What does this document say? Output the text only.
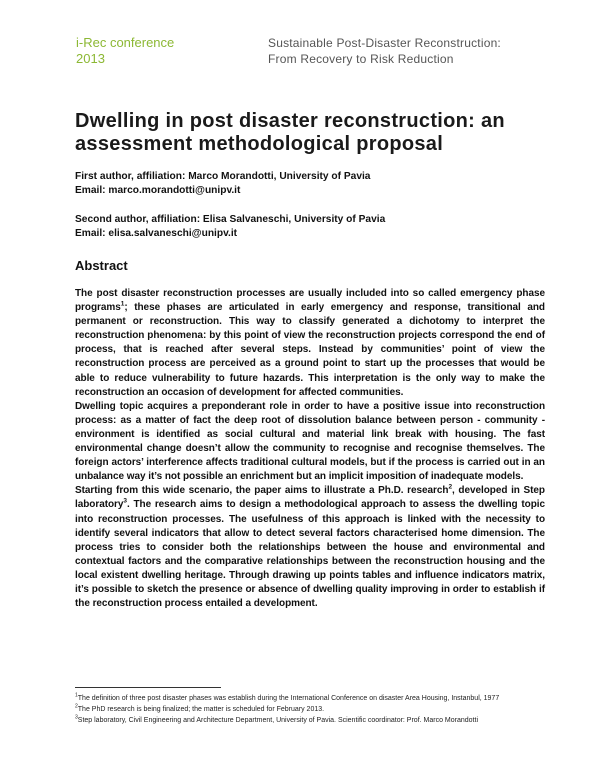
i-Rec conference
2013
Sustainable Post-Disaster Reconstruction:
From Recovery to Risk Reduction
Dwelling in post disaster reconstruction: an assessment methodological proposal
First author, affiliation: Marco Morandotti, University of Pavia
Email: marco.morandotti@unipv.it
Second author, affiliation: Elisa Salvaneschi, University of Pavia
Email: elisa.salvaneschi@unipv.it
Abstract

The post disaster reconstruction processes are usually included into so called emergency phase programs$^1$; these phases are articulated in early emergency and response, transitional and permanent or reconstruction. This way to classify generated a dichotomy to interpret the reconstruction phenomena: by this point of view the reconstruction projects correspond the end of process, that is reached after several steps. Instead by communities’ point of view the reconstruction process are perceived as a ground point to start up the processes that would be able to reduce vulnerability to future hazards. This interpretation is the only way to make the reconstruction an occasion of development for affected communities.

Dwelling topic acquires a preponderant role in order to have a positive issue into reconstruction process: as a matter of fact the deep root of dissolution balance between person - community - environment is identified as social cultural and material link break with housing. The fast environmental change doesn’t allow the community to recognise and recognise themselves. The foreign actors’ interference affects traditional cultural models, but if the process is carried out in an unbalance way it’s not possible an enrichment but an implicit imposition of inadequate models.

Starting from this wide scenario, the paper aims to illustrate a Ph.D. research$^2$, developed in Step laboratory$^3$. The research aims to design a methodological approach to assess the dwelling topic into reconstruction processes. The usefulness of this approach is linked with the necessity to identify several indicators that allow to detect several factors characterised home dimension. The process tries to consider both the relationships between the house and environmental and contextual factors and the comparative relationships between the reconstruction housing and the local existent dwelling heritage. Through drawing up points tables and influence indicators matrix, it’s possible to sketch the presence or absence of dwelling quality improving in order to establish if the reconstruction process entailed a development.

$^1$The definition of three post disaster phases was establish during the International Conference on disaster Area Housing, Instanbul, 1977
$^2$The PhD research is being finalized; the matter is scheduled for February 2013.
$^3$Step laboratory, Civil Engineering and Architecture Department, University of Pavia. Scientific coordinator: Prof. Marco Morandotti
